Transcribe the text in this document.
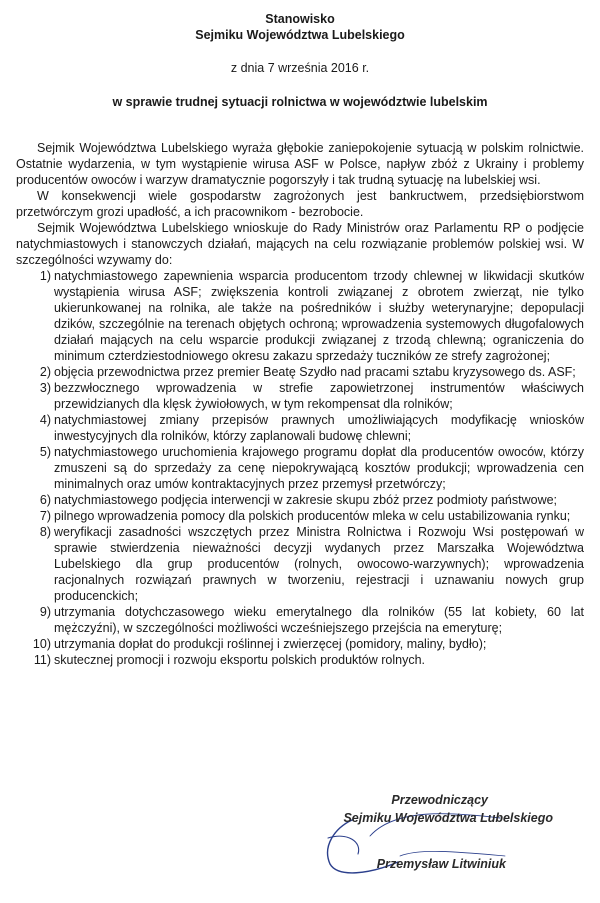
Stanowisko
Sejmiku Województwa Lubelskiego
z dnia 7 września 2016 r.
w sprawie trudnej sytuacji rolnictwa w województwie lubelskim

Sejmik Województwa Lubelskiego wyraża głębokie zaniepokojenie sytuacją w polskim rolnictwie. Ostatnie wydarzenia, w tym wystąpienie wirusa ASF w Polsce, napływ zbóż z Ukrainy i problemy producentów owoców i warzyw dramatycznie pogorszyły i tak trudną sytuację na lubelskiej wsi.

W konsekwencji wiele gospodarstw zagrożonych jest bankructwem, przedsiębiorstwom przetwórczym grozi upadłość, a ich pracownikom - bezrobocie.

Sejmik Województwa Lubelskiego wnioskuje do Rady Ministrów oraz Parlamentu RP o podjęcie natychmiastowych i stanowczych działań, mających na celu rozwiązanie problemów polskiej wsi. W szczególności wzywamy do:

1) natychmiastowego zapewnienia wsparcia producentom trzody chlewnej w likwidacji skutków wystąpienia wirusa ASF; zwiększenia kontroli związanej z obrotem zwierząt, nie tylko ukierunkowanej na rolnika, ale także na pośredników i służby weterynaryjne; depopulacji dzików, szczególnie na terenach objętych ochroną; wprowadzenia systemowych długofalowych działań mających na celu wsparcie produkcji związanej z trzodą chlewną; ograniczenia do minimum czterdziestodniowego okresu zakazu sprzedaży tuczników ze strefy zagrożonej;
2) objęcia przewodnictwa przez premier Beatę Szydło nad pracami sztabu kryzysowego ds. ASF;
3) bezzwłocznego wprowadzenia w strefie zapowietrzonej instrumentów właściwych przewidzianych dla klęsk żywiołowych, w tym rekompensat dla rolników;
4) natychmiastowej zmiany przepisów prawnych umożliwiających modyfikację wniosków inwestycyjnych dla rolników, którzy zaplanowali budowę chlewni;
5) natychmiastowego uruchomienia krajowego programu dopłat dla producentów owoców, którzy zmuszeni są do sprzedaży za cenę niepokrywającą kosztów produkcji; wprowadzenia cen minimalnych oraz umów kontraktacyjnych przez przemysł przetwórczy;
6) natychmiastowego podjęcia interwencji w zakresie skupu zbóż przez podmioty państwowe;
7) pilnego wprowadzenia pomocy dla polskich producentów mleka w celu ustabilizowania rynku;
8) weryfikacji zasadności wszczętych przez Ministra Rolnictwa i Rozwoju Wsi postępowań w sprawie stwierdzenia nieważności decyzji wydanych przez Marszałka Województwa Lubelskiego dla grup producentów (rolnych, owocowo-warzywnych); wprowadzenia racjonalnych rozwiązań prawnych w tworzeniu, rejestracji i uznawaniu nowych grup producenckich;
9) utrzymania dotychczasowego wieku emerytalnego dla rolników (55 lat kobiety, 60 lat mężczyźni), w szczególności możliwości wcześniejszego przejścia na emeryturę;
10) utrzymania dopłat do produkcji roślinnej i zwierzęcej (pomidory, maliny, bydło);
11) skutecznej promocji i rozwoju eksportu polskich produktów rolnych.
Przewodniczący
Sejmiku Województwa Lubelskiego
Przemysław Litwiniuk
